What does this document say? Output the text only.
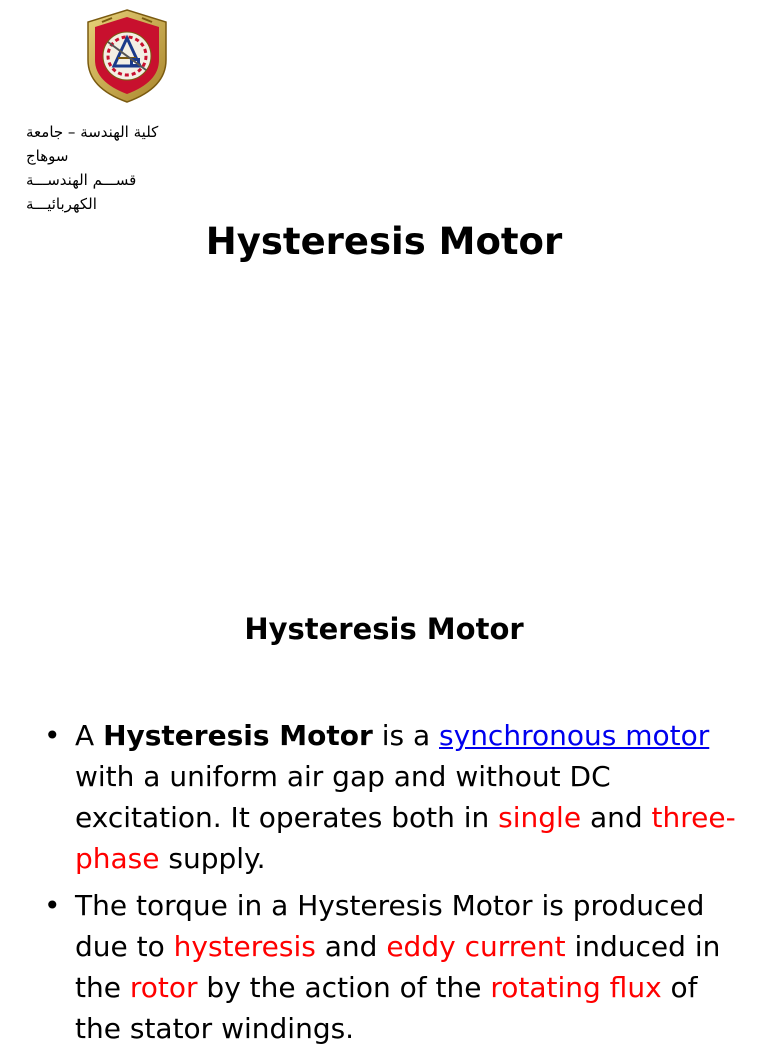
كلية الهندسة – جامعة
سوهاج
قســـم الهندســـة
الكهربائيـــة
Hysteresis Motor
Hysteresis Motor
• A Hysteresis Motor is a synchronous motor with a uniform air gap and without DC excitation. It operates both in single and three-phase supply.
• The torque in a Hysteresis Motor is produced due to hysteresis and eddy current induced in the rotor by the action of the rotating flux of the stator windings.
